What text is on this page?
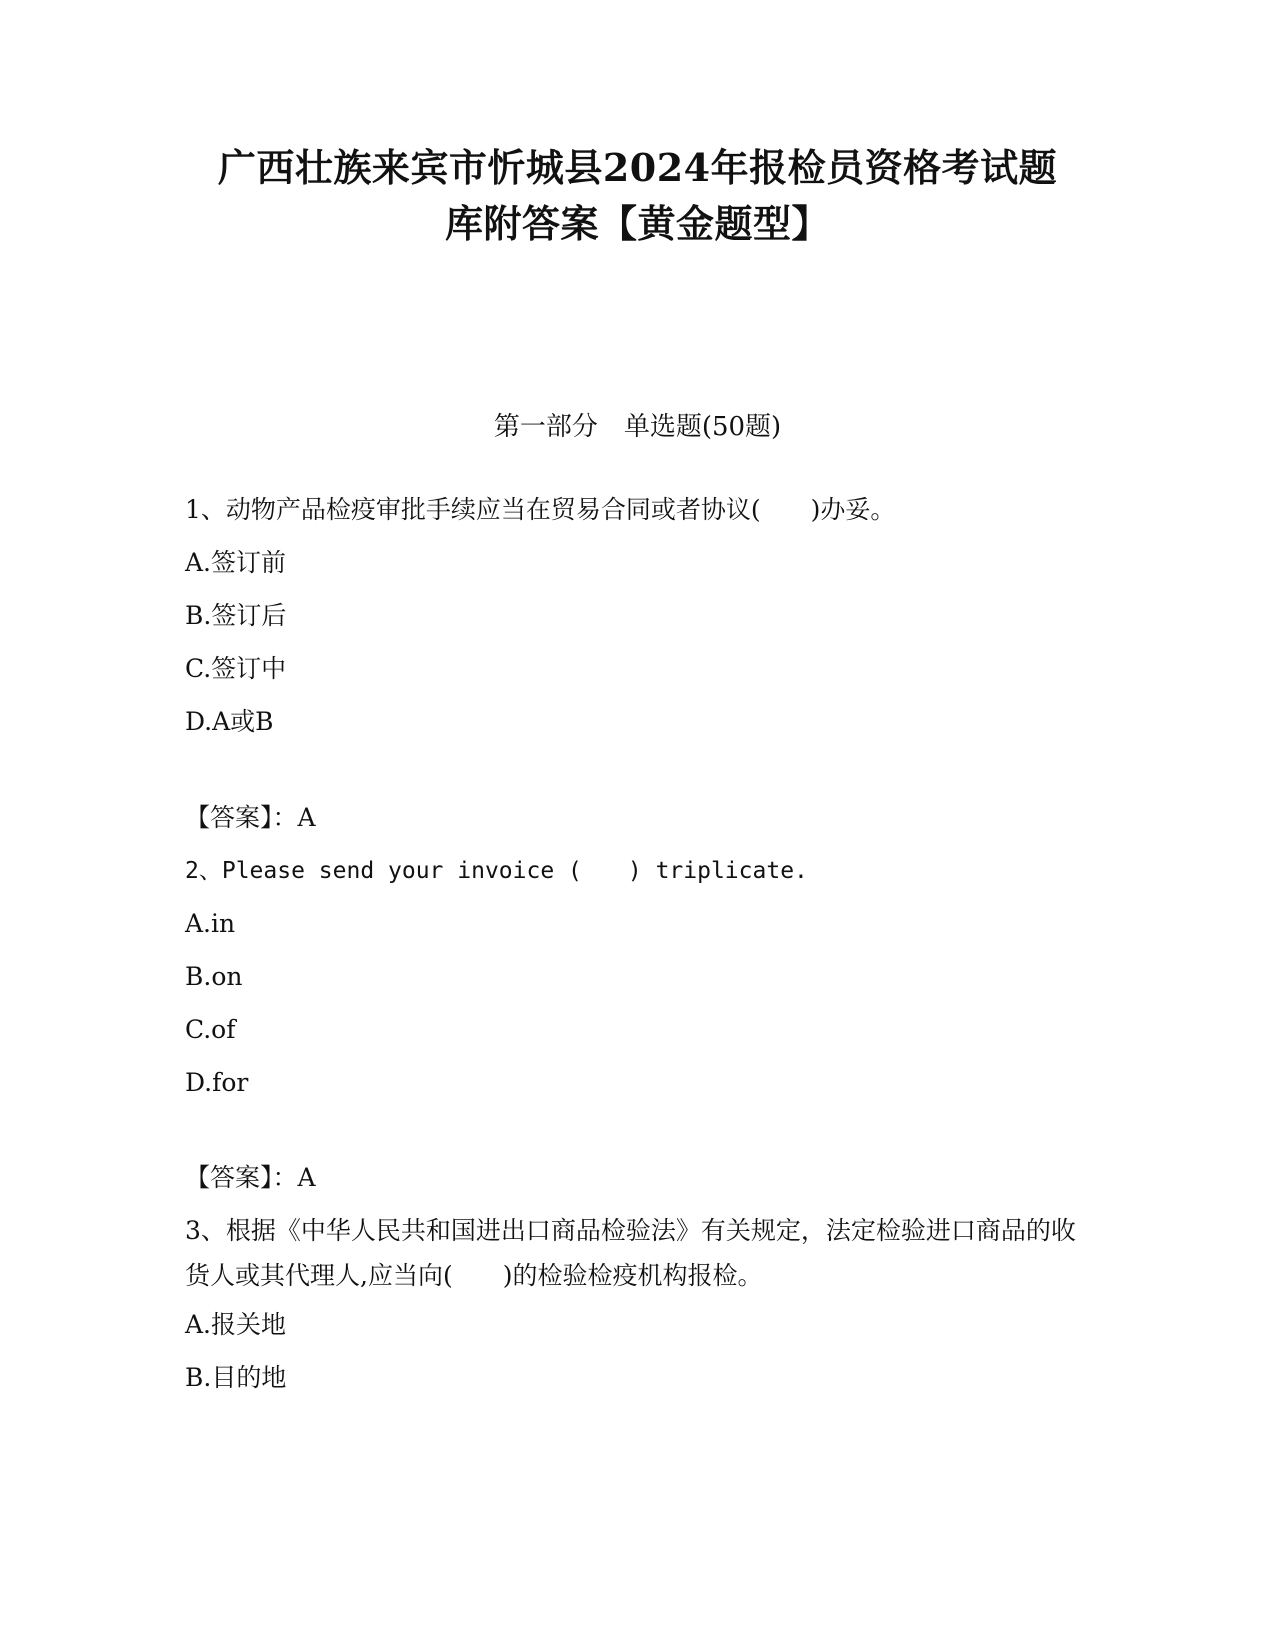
广西壮族来宾市忻城县2024年报检员资格考试题
库附答案【黄金题型】
第一部分　单选题(50题)
1、动物产品检疫审批手续应当在贸易合同或者协议(　　)办妥。
A.签订前
B.签订后
C.签订中
D.A或B
【答案】：A
2、Please send your invoice (　　) triplicate.
A.in
B.on
C.of
D.for
【答案】：A
3、根据《中华人民共和国进出口商品检验法》有关规定，法定检验进口商品的收货人或其代理人,应当向(　　)的检验检疫机构报检。
A.报关地
B.目的地
